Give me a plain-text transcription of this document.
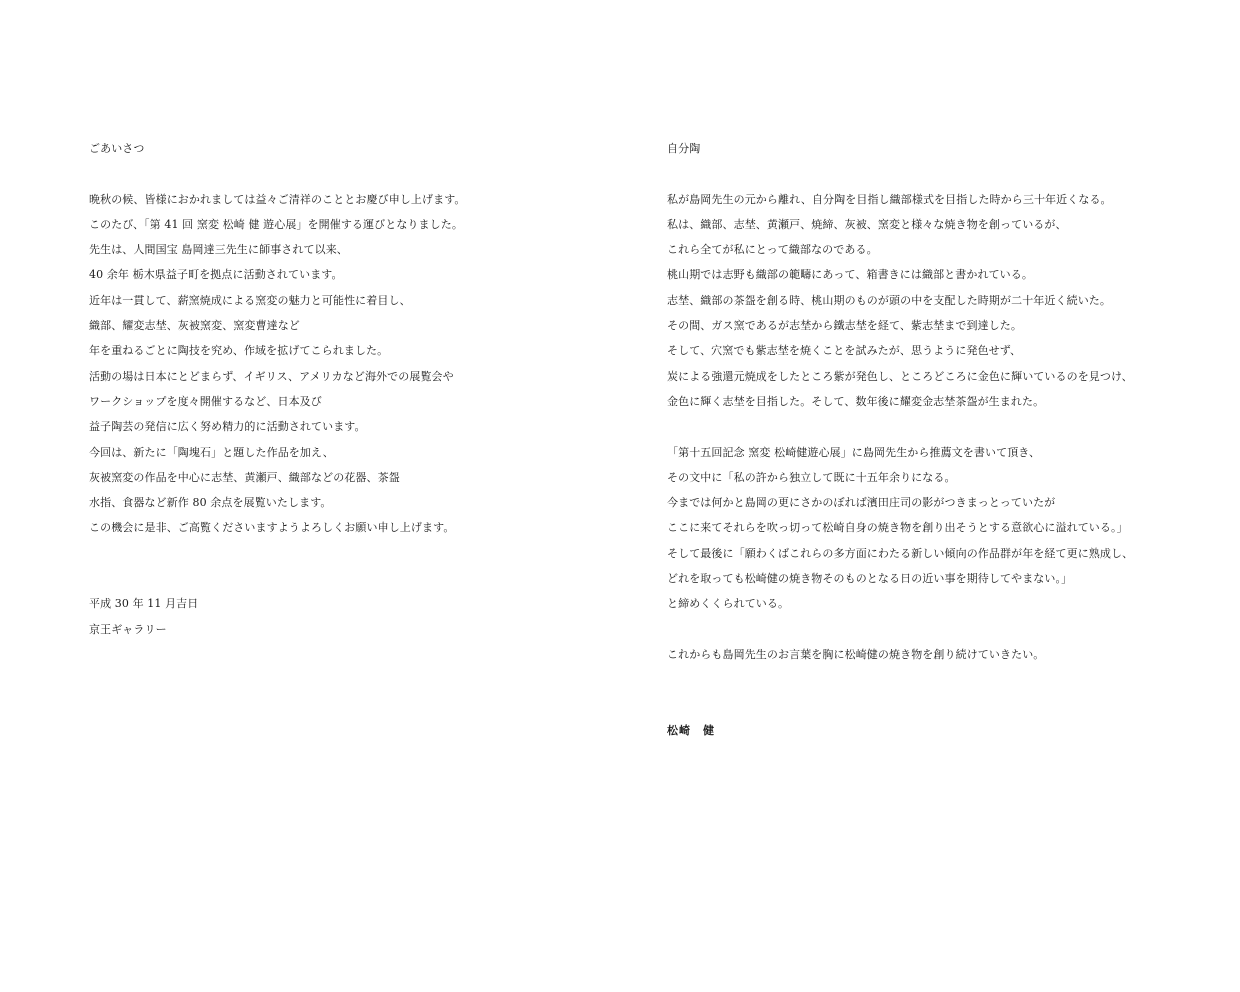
ごあいさつ
晩秋の候、皆様におかれましては益々ご清祥のこととお慶び申し上げます。
このたび、「第 41 回 窯変 松崎 健 遊心展」を開催する運びとなりました。
先生は、人間国宝 島岡達三先生に師事されて以来、
40 余年 栃木県益子町を拠点に活動されています。
近年は一貫して、薪窯焼成による窯変の魅力と可能性に着目し、
織部、耀変志埜、灰被窯変、窯変曹達など
年を重ねるごとに陶技を究め、作域を拡げてこられました。
活動の場は日本にとどまらず、イギリス、アメリカなど海外での展覧会や
ワークショップを度々開催するなど、日本及び
益子陶芸の発信に広く努め精力的に活動されています。
今回は、新たに「陶塊石」と題した作品を加え、
灰被窯変の作品を中心に志埜、黄瀬戸、織部などの花器、茶盌
水指、食器など新作 80 余点を展覧いたします。
この機会に是非、ご高覧くださいますようよろしくお願い申し上げます。
平成 30 年 11 月吉日
京王ギャラリー
自分陶
私が島岡先生の元から離れ、自分陶を目指し織部様式を目指した時から三十年近くなる。
私は、織部、志埜、黄瀬戸、焼締、灰被、窯変と様々な焼き物を創っているが、
これら全てが私にとって織部なのである。
桃山期では志野も織部の範疇にあって、箱書きには織部と書かれている。
志埜、織部の茶盌を創る時、桃山期のものが頭の中を支配した時期が二十年近く続いた。
その間、ガス窯であるが志埜から鐵志埜を経て、紫志埜まで到達した。
そして、穴窯でも紫志埜を焼くことを試みたが、思うように発色せず、
炭による強還元焼成をしたところ紫が発色し、ところどころに金色に輝いているのを見つけ、
金色に輝く志埜を目指した。そして、数年後に耀変金志埜茶盌が生まれた。
「第十五回記念 窯変 松崎健遊心展」に島岡先生から推薦文を書いて頂き、
その文中に「私の許から独立して既に十五年余りになる。
今までは何かと島岡の更にさかのぼれば濱田庄司の影がつきまっとっていたが
ここに来てそれらを吹っ切って松崎自身の焼き物を創り出そうとする意欲心に溢れている。」
そして最後に「願わくばこれらの多方面にわたる新しい傾向の作品群が年を経て更に熟成し、
どれを取っても松崎健の焼き物そのものとなる日の近い事を期待してやまない。」
と締めくくられている。
これからも島岡先生のお言葉を胸に松崎健の焼き物を創り続けていきたい。
松崎　健
